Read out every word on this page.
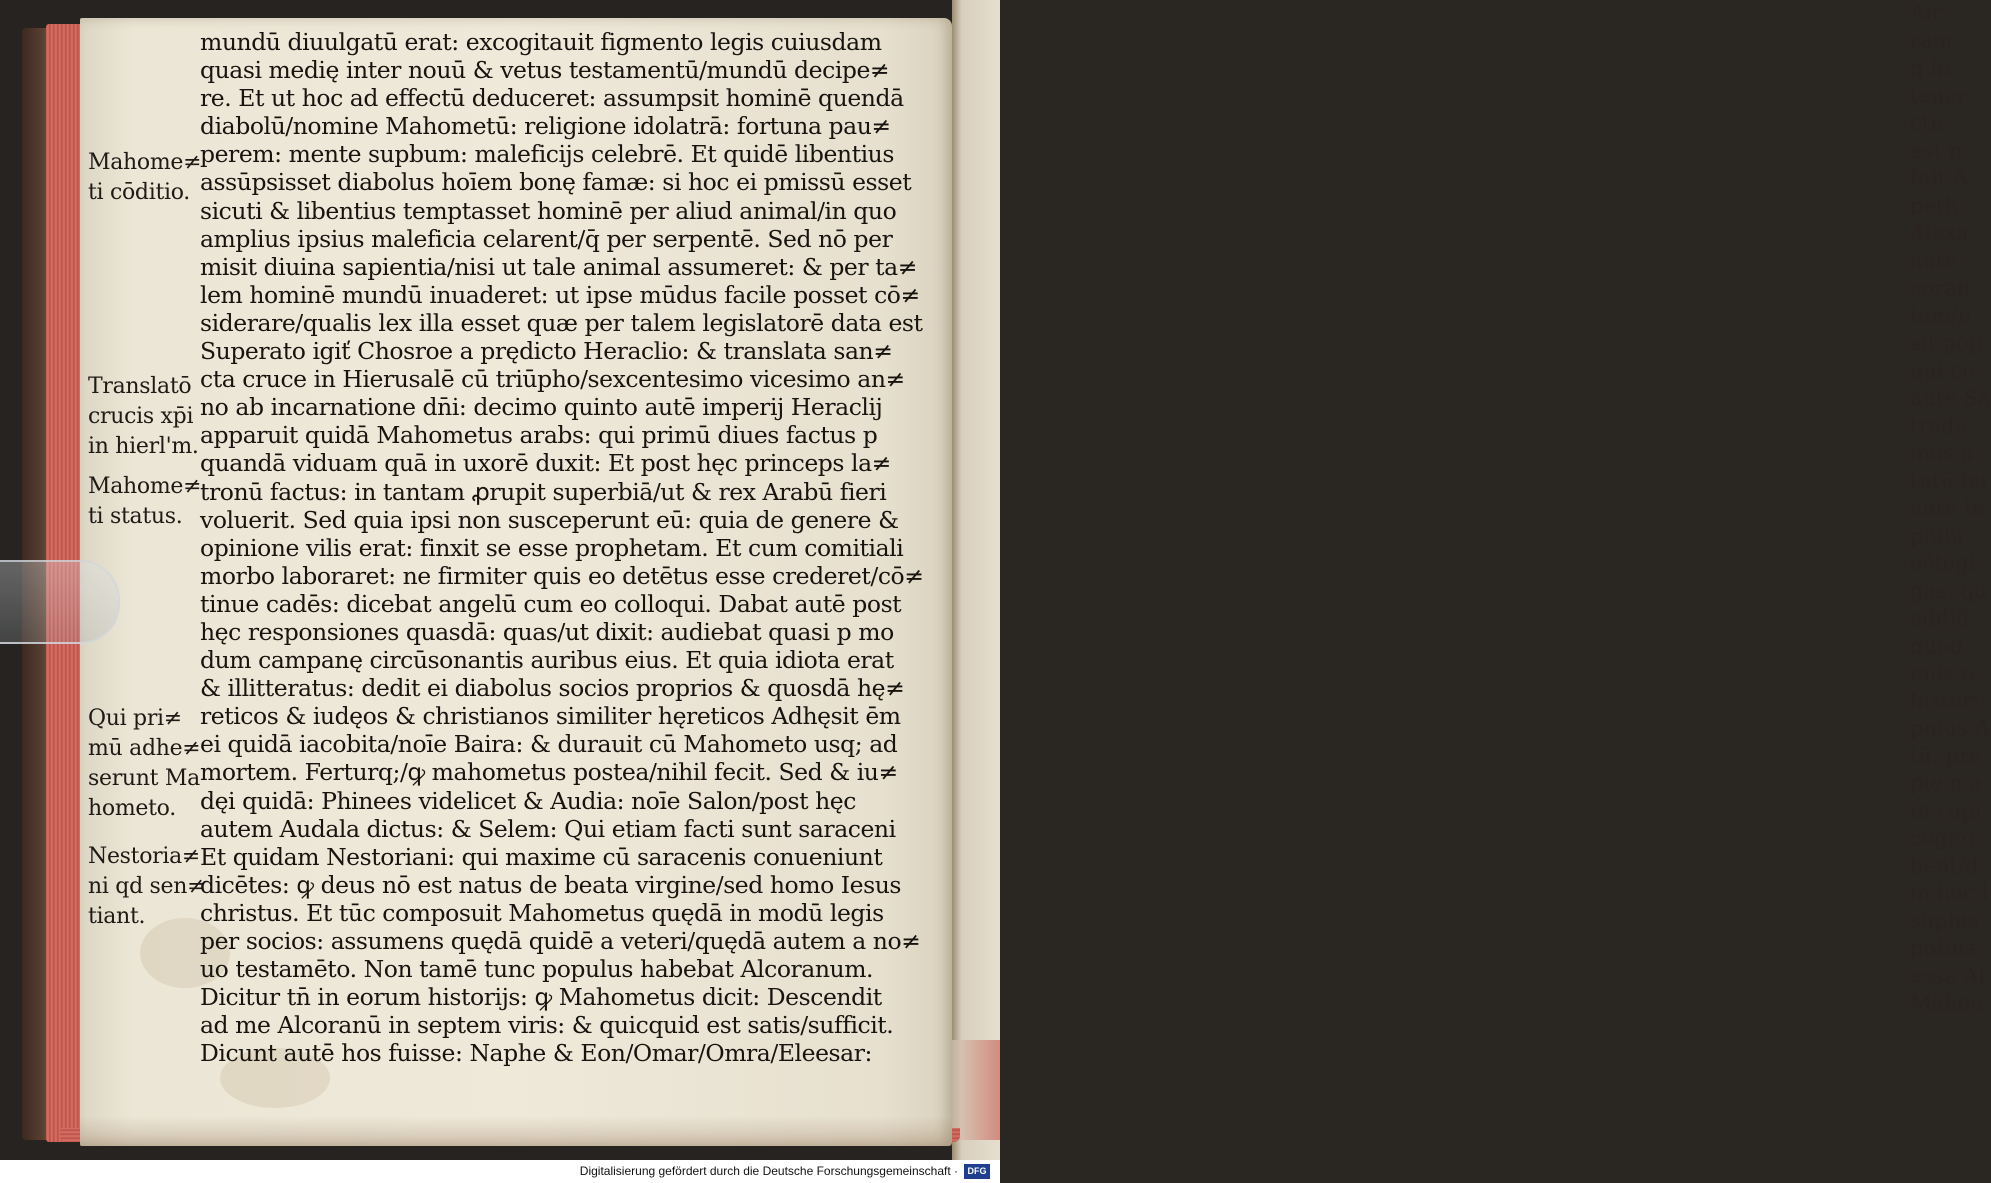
Alr
ram
q hi
tener
ctu
est p
fuit A
peth:
Alexa
autē
coran
tem/n
sit pop
qui co
autē Sa
tradic
mus a
tutū bu
autē te
piulū
oćtogi
gas: qu
addid
quod
mus n
histori
pulus A
tū; pre
pię ma
in capi
cogno
bent/d
in hoc l
supius
potius
esse Al
Mahon
Mahome≠
ti cōditio.
Translatō
crucis xp̄i
in hierl'm.
Mahome≠
ti status.
Qui pri≠
mū adhe≠
serunt Ma
hometo.
Nestoria≠
ni qd sen≠
tiant.
mundū diuulgatū erat: excogitauit figmento legis cuiusdam
quasi medię inter nouū & vetus testamentū/mundū decipe≠
re. Et ut hoc ad effectū deduceret: assumpsit hominē quendā
diabolū/nomine Mahometū: religione idolatrā: fortuna pau≠
perem: mente supbum: maleficijs celebrē. Et quidē libentius
assūpsisset diabolus hoīem bonę famæ: si hoc ei pmissū esset
sicuti & libentius temptasset hominē per aliud animal/in quo
amplius ipsius maleficia celarent/q̄ per serpentē. Sed nō per
misit diuina sapientia/nisi ut tale animal assumeret: & per ta≠
lem hominē mundū inuaderet: ut ipse mūdus facile posset cō≠
siderare/qualis lex illa esset quæ per talem legislatorē data est
Superato igiť Chosroe a prędicto Heraclio: & translata san≠
cta cruce in Hierusalē cū triūpho/sexcentesimo vicesimo an≠
no ab incarnatione dn̄i: decimo quinto autē imperij Heraclij
apparuit quidā Mahometus arabs: qui primū diues factus p
quandā viduam quā in uxorē duxit: Et post hęc princeps la≠
tronū factus: in tantam ꝓrupit superbiā/ut & rex Arabū fieri
voluerit. Sed quia ipsi non susceperunt eū: quia de genere &
opinione vilis erat: finxit se esse prophetam. Et cum comitiali
morbo laboraret: ne firmiter quis eo detētus esse crederet/cō≠
tinue cadēs: dicebat angelū cum eo colloqui. Dabat autē post
hęc responsiones quasdā: quas/ut dixit: audiebat quasi p mo
dum campanę circūsonantis auribus eius. Et quia idiota erat
& illitteratus: dedit ei diabolus socios proprios & quosdā hę≠
reticos & iudęos & christianos similiter hęreticos Adhęsit ēm
ei quidā iacobita/noīe Baira: & durauit cū Mahometo usq; ad
mortem. Ferturq;/ꝙ mahometus postea/nihil fecit. Sed & iu≠
dęi quidā: Phinees videlicet & Audia: noīe Salon/post hęc
autem Audala dictus: & Selem: Qui etiam facti sunt saraceni
Et quidam Nestoriani: qui maxime cū saracenis conueniunt
dicētes: ꝙ deus nō est natus de beata virgine/sed homo Iesus
christus. Et tūc composuit Mahometus quędā in modū legis
per socios: assumens quędā quidē a veteri/quędā autem a no≠
uo testamēto. Non tamē tunc populus habebat Alcoranum.
Dicitur tn̄ in eorum historijs: ꝙ Mahometus dicit: Descendit
ad me Alcoranū in septem viris: & quicquid est satis/sufficit.
Dicunt autē hos fuisse: Naphe & Eon/Omar/Omra/Eleesar:
Digitalisierung gefördert durch die Deutsche Forschungsgemeinschaft ·	DFG
